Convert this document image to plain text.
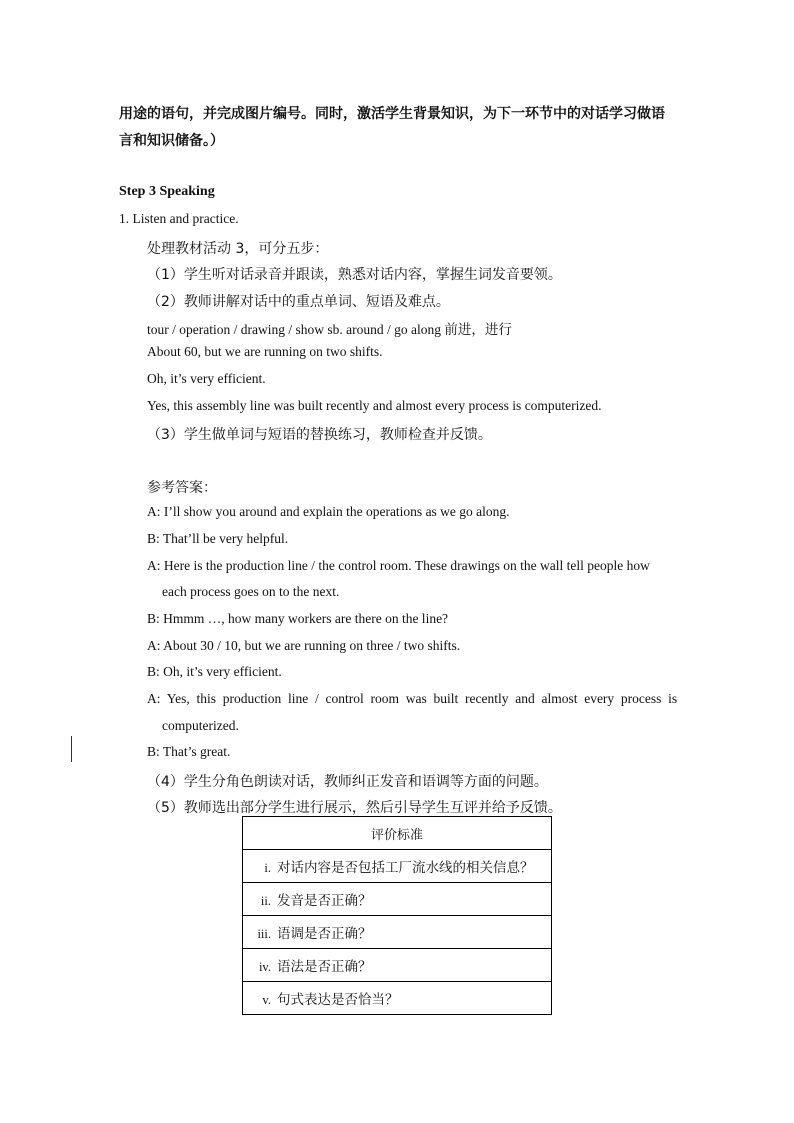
用途的语句，并完成图片编号。同时，激活学生背景知识，为下一环节中的对话学习做语
言和知识储备。）
Step 3 Speaking
1. Listen and practice.
处理教材活动 3，可分五步：
（1）学生听对话录音并跟读，熟悉对话内容，掌握生词发音要领。
（2）教师讲解对话中的重点单词、短语及难点。
tour / operation / drawing / show sb. around / go along 前进，进行
About 60, but we are running on two shifts.
Oh, it’s very efficient.
Yes, this assembly line was built recently and almost every process is computerized.
（3）学生做单词与短语的替换练习，教师检查并反馈。
参考答案：
A: I’ll show you around and explain the operations as we go along.
B: That’ll be very helpful.
A: Here is the production line / the control room. These drawings on the wall tell people how
each process goes on to the next.
B: Hmmm …, how many workers are there on the line?
A: About 30 / 10, but we are running on three / two shifts.
B: Oh, it’s very efficient.
A:  Yes,  this  production  line  /  control  room  was  built  recently  and  almost  every  process  is
computerized.
B: That’s great.
（4）学生分角色朗读对话，教师纠正发音和语调等方面的问题。
（5）教师选出部分学生进行展示，然后引导学生互评并给予反馈。
评价标准
i. 对话内容是否包括工厂流水线的相关信息？
ii. 发音是否正确？
iii. 语调是否正确？
iv. 语法是否正确？
v. 句式表达是否恰当？
